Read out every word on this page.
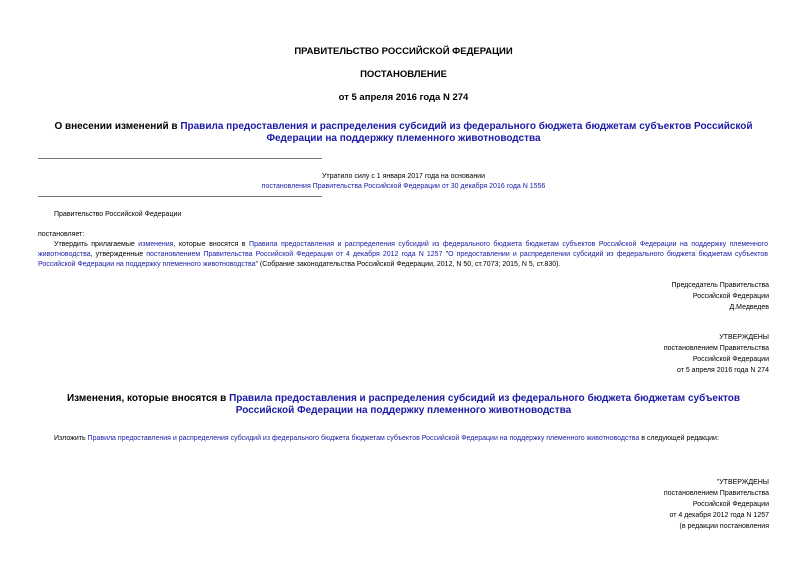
ПРАВИТЕЛЬСТВО РОССИЙСКОЙ ФЕДЕРАЦИИ
ПОСТАНОВЛЕНИЕ
от 5 апреля 2016 года N 274
О внесении изменений в Правила предоставления и распределения субсидий из федерального бюджета бюджетам субъектов Российской Федерации на поддержку племенного животноводства
Утратило силу с 1 января 2017 года на основании
постановления Правительства Российской Федерации от 30 декабря 2016 года N 1556
Правительство Российской Федерации
постановляет:
Утвердить прилагаемые изменения, которые вносятся в Правила предоставления и распределения субсидий из федерального бюджета бюджетам субъектов Российской Федерации на поддержку племенного животноводства, утвержденные постановлением Правительства Российской Федерации от 4 декабря 2012 года N 1257 "О предоставлении и распределении субсидий из федерального бюджета бюджетам субъектов Российской Федерации на поддержку племенного животноводства" (Собрание законодательства Российской Федерации, 2012, N 50, ст.7073; 2015, N 5, ст.830).
Председатель Правительства
Российской Федерации
Д.Медведев
УТВЕРЖДЕНЫ
постановлением Правительства
Российской Федерации
от 5 апреля 2016 года N 274
Изменения, которые вносятся в Правила предоставления и распределения субсидий из федерального бюджета бюджетам субъектов Российской Федерации на поддержку племенного животноводства
Изложить Правила предоставления и распределения субсидий из федерального бюджета бюджетам субъектов Российской Федерации на поддержку племенного животноводства в следующей редакции:
"УТВЕРЖДЕНЫ
постановлением Правительства
Российской Федерации
от 4 декабря 2012 года N 1257
(в редакции постановления
